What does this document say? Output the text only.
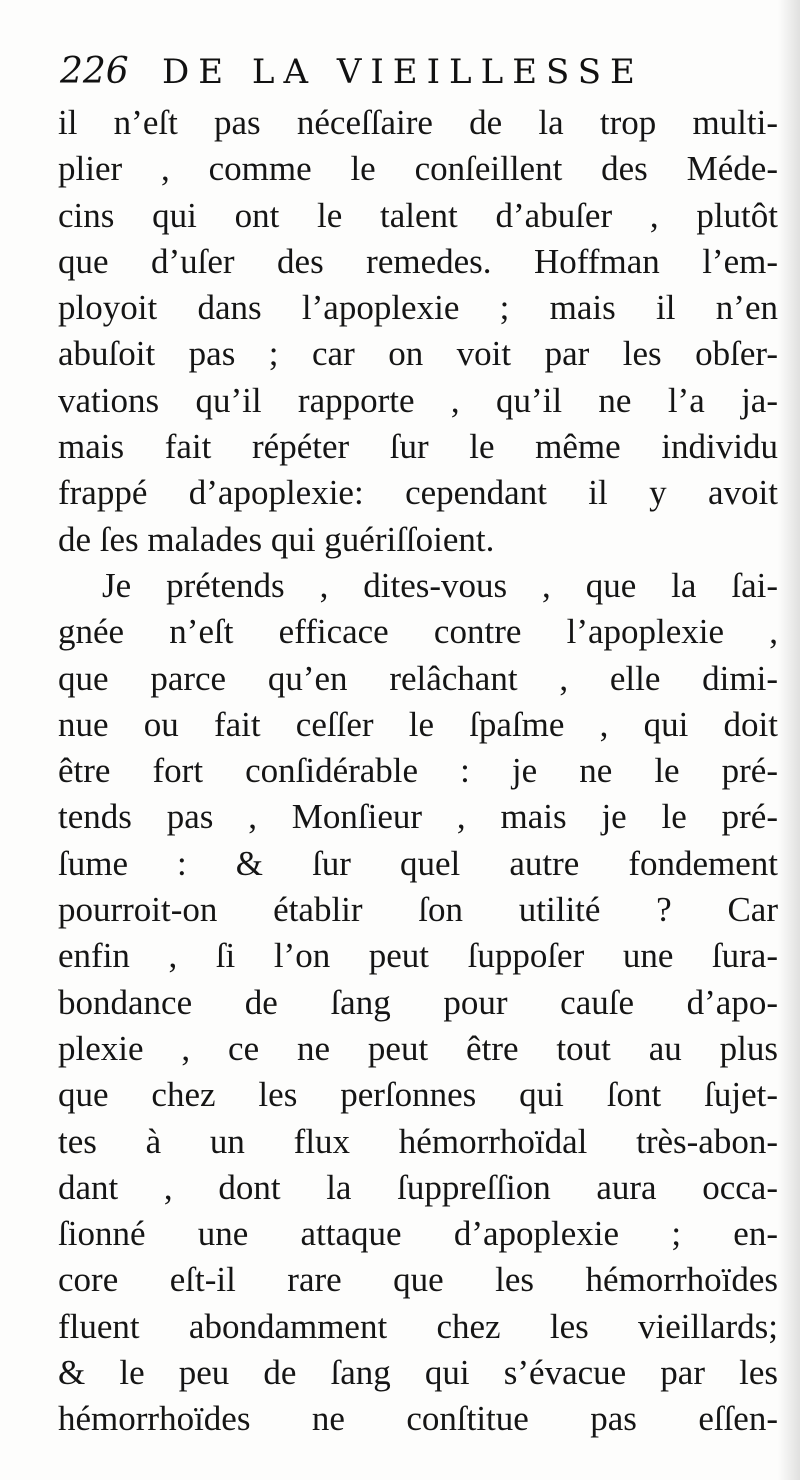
226 DE LA VIEILLESSE
il n’eſt pas néceſſaire de la trop multi-
plier , comme le conſeillent des Méde-
cins qui ont le talent d’abuſer , plutôt
que d’uſer des remedes. Hoffman l’em-
ployoit dans l’apoplexie ; mais il n’en
abuſoit pas ; car on voit par les obſer-
vations qu’il rapporte , qu’il ne l’a ja-
mais fait répéter ſur le même individu
frappé d’apoplexie: cependant il y avoit
de ſes malades qui guériſſoient.
Je prétends , dites-vous , que la ſai-
gnée n’eſt efficace contre l’apoplexie ,
que parce qu’en relâchant , elle dimi-
nue ou fait ceſſer le ſpaſme , qui doit
être fort conſidérable : je ne le pré-
tends pas , Monſieur , mais je le pré-
ſume : & ſur quel autre fondement
pourroit-on établir ſon utilité ? Car
enfin , ſi l’on peut ſuppoſer une ſura-
bondance de ſang pour cauſe d’apo-
plexie , ce ne peut être tout au plus
que chez les perſonnes qui ſont ſujet-
tes à un flux hémorrhoïdal très-abon-
dant , dont la ſuppreſſion aura occa-
ſionné une attaque d’apoplexie ; en-
core eſt-il rare que les hémorrhoïdes
fluent abondamment chez les vieillards;
& le peu de ſang qui s’évacue par les
hémorrhoïdes ne conſtitue pas eſſen-
